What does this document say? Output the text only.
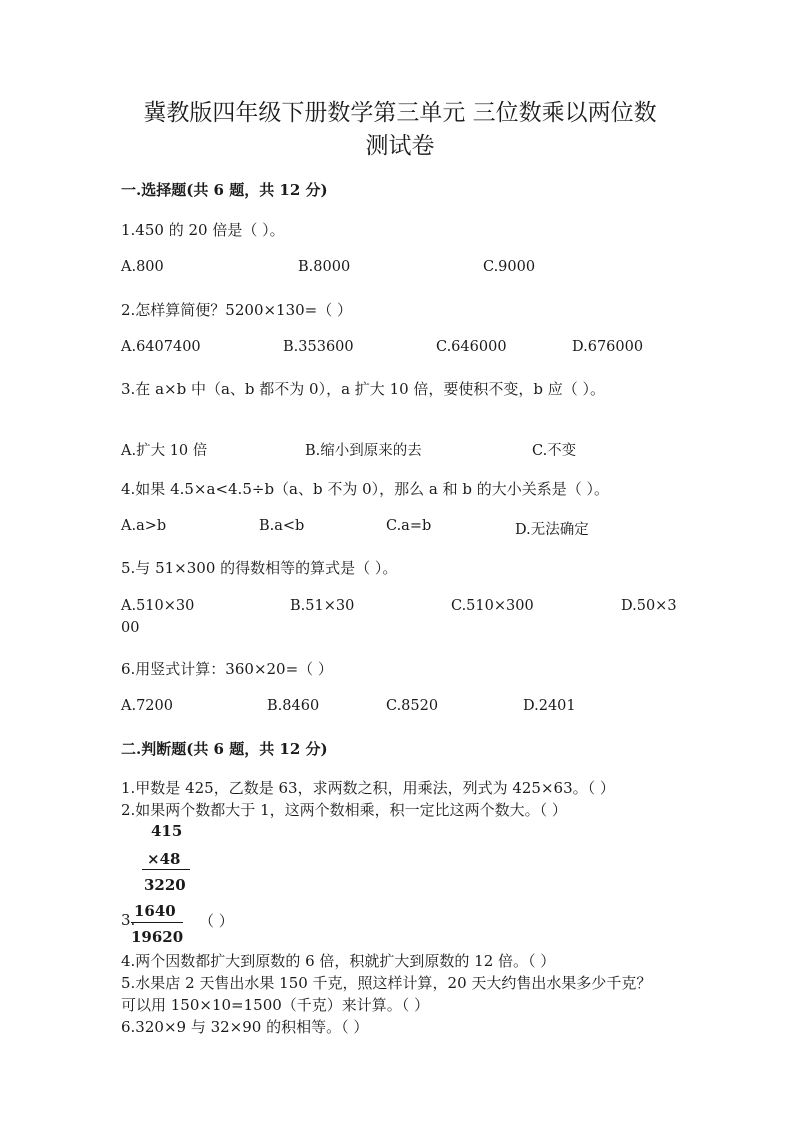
冀教版四年级下册数学第三单元 三位数乘以两位数
测试卷
一.选择题(共 6 题，共 12 分)
1.450 的 20 倍是（ ）。
A.800	B.8000	C.9000
2.怎样算简便？5200×130=（ ）
A.6407400	B.353600	C.646000	D.676000
3.在 a×b 中（a、b 都不为 0），a 扩大 10 倍，要使积不变，b 应（ ）。
A.扩大 10 倍	B.缩小到原来的去	C.不变
4.如果 4.5×a<4.5÷b（a、b 不为 0），那么 a 和 b 的大小关系是（ ）。
A.a>b	B.a<b	C.a=b	D.无法确定
5.与 51×300 的得数相等的算式是（ ）。
A.510×30	B.51×30	C.510×300	D.50×3
00
6.用竖式计算：360×20=（ ）
A.7200	B.8460	C.8520	D.2401
二.判断题(共 6 题，共 12 分)
1.甲数是 425，乙数是 63，求两数之积，用乘法，列式为 425×63。（ ）
2.如果两个数都大于 1，这两个数相乘，积一定比这两个数大。（ ）
415
×48
3220
3.
1640
19620
（ ）
4.两个因数都扩大到原数的 6 倍，积就扩大到原数的 12 倍。（ ）
5.水果店 2 天售出水果 150 千克，照这样计算，20 天大约售出水果多少千克？
可以用 150×10=1500（千克）来计算。（ ）
6.320×9 与 32×90 的积相等。（ ）
